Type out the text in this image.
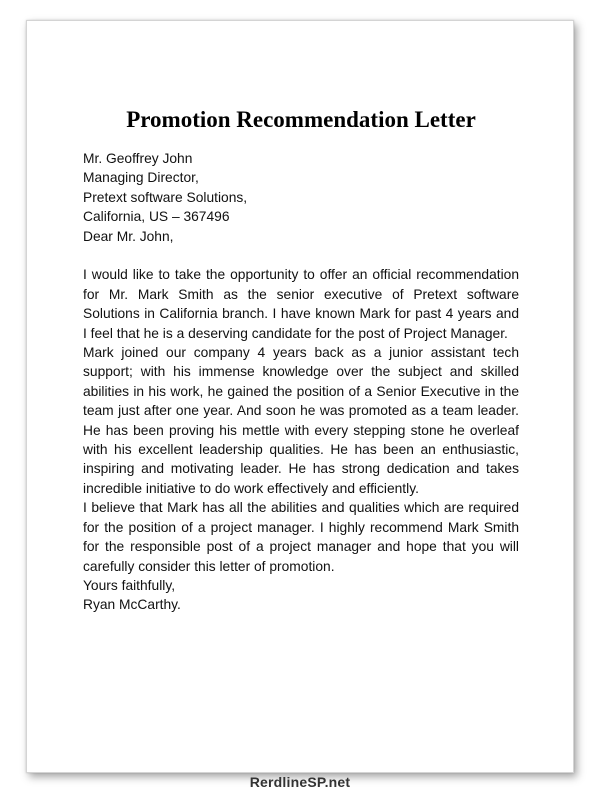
Promotion Recommendation Letter
Mr. Geoffrey John
Managing Director,
Pretext software Solutions,
California, US – 367496
Dear Mr. John,

I would like to take the opportunity to offer an official recommendation for Mr. Mark Smith as the senior executive of Pretext software Solutions in California branch. I have known Mark for past 4 years and I feel that he is a deserving candidate for the post of Project Manager.

Mark joined our company 4 years back as a junior assistant tech support; with his immense knowledge over the subject and skilled abilities in his work, he gained the position of a Senior Executive in the team just after one year. And soon he was promoted as a team leader. He has been proving his mettle with every stepping stone he overleaf with his excellent leadership qualities. He has been an enthusiastic, inspiring and motivating leader. He has strong dedication and takes incredible initiative to do work effectively and efficiently.

I believe that Mark has all the abilities and qualities which are required for the position of a project manager. I highly recommend Mark Smith for the responsible post of a project manager and hope that you will carefully consider this letter of promotion.

Yours faithfully,
Ryan McCarthy.
RerdlineSP.net
